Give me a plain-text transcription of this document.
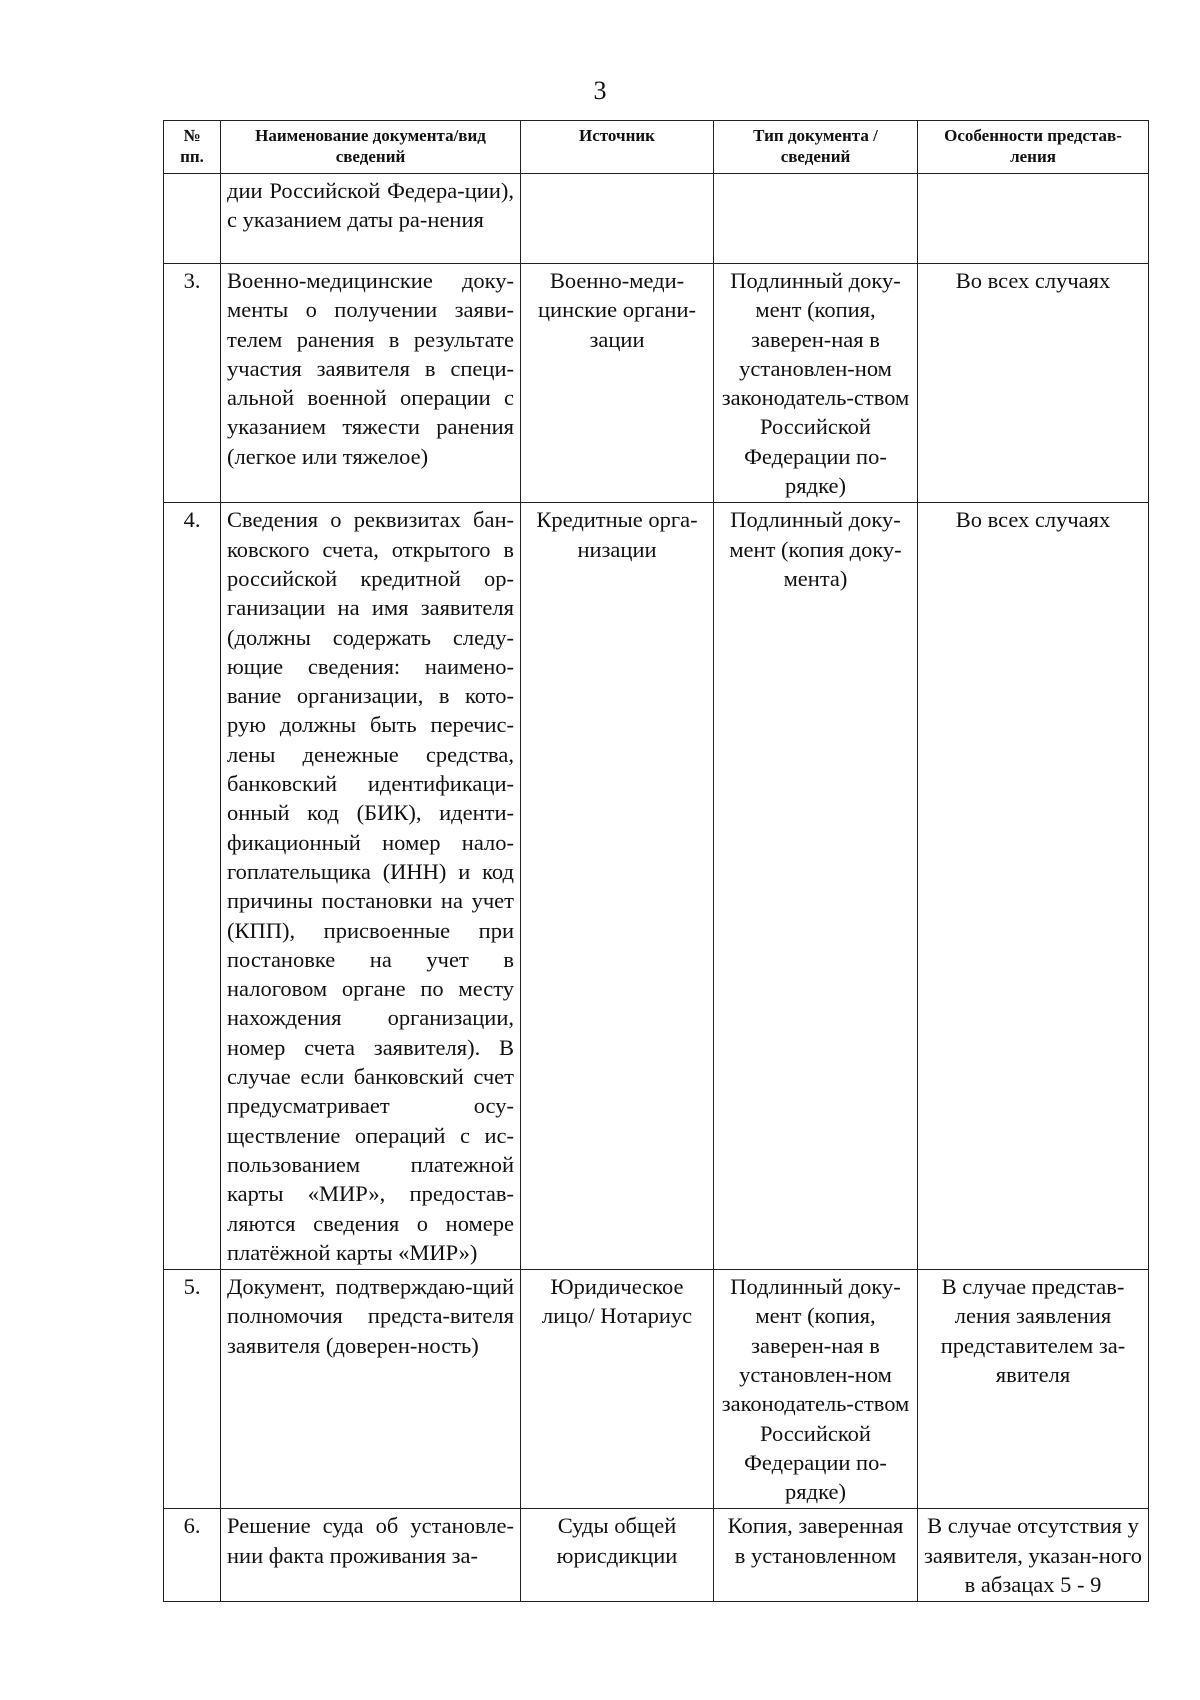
3
№ пп.	Наименование документа/вид сведений	Источник	Тип документа /сведений	Особенности представ-ления
	дии Российской Федера-ции), с указанием даты ра-нения			
3.	Военно-медицинские доку-менты о получении заяви-телем ранения в результате участия заявителя в специ-альной военной операции с указанием тяжести ранения (легкое или тяжелое)	Военно-меди-цинские органи-зации	Подлинный доку-мент (копия, заверен-ная в установлен-ном законодатель-ством Российской Федерации по-рядке)	Во всех случаях
4.	Сведения о реквизитах бан-ковского счета, открытого в российской кредитной ор-ганизации на имя заявителя (должны содержать следу-ющие сведения: наимено-вание организации, в кото-рую должны быть перечис-лены денежные средства, банковский идентификаци-онный код (БИК), иденти-фикационный номер нало-гоплательщика (ИНН) и код причины постановки на учет (КПП), присвоенные при постановке на учет в налоговом органе по месту нахождения организации, номер счета заявителя). В случае если банковский счет предусматривает осу-ществление операций с ис-пользованием платежной карты «МИР», предостав-ляются сведения о номере платёжной карты «МИР»)	Кредитные орга-низации	Подлинный доку-мент (копия доку-мента)	Во всех случаях
5.	Документ, подтверждаю-щий полномочия предста-вителя заявителя (доверен-ность)	Юридическое лицо/ Нотариус	Подлинный доку-мент (копия, заверен-ная в установлен-ном законодатель-ством Российской Федерации по-рядке)	В случае представ-ления заявления представителем за-явителя
6.	Решение суда об установле-нии факта проживания за-	Суды общей юрисдикции	Копия, заверенная в установленном	В случае отсутствия у заявителя, указан-ного в абзацах 5 - 9
